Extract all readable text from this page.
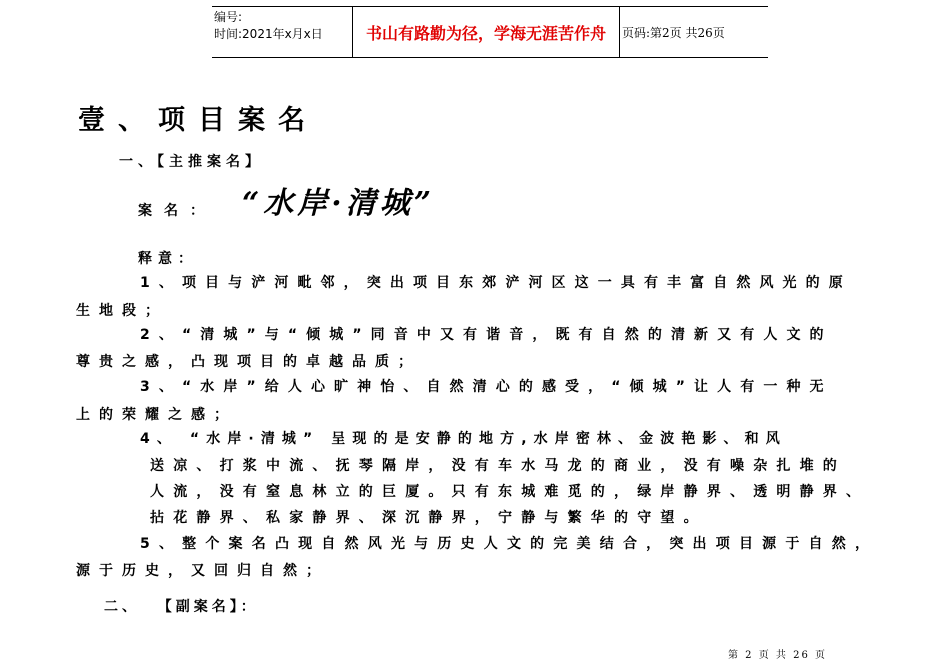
编号:
时间:2021年x月x日	书山有路勤为径，学海无涯苦作舟	页码:第2页 共26页
壹、项目案名
一、【主推案名】
案名： “水岸·清城”
释意：
1、项目与浐河毗邻，突出项目东郊浐河区这一具有丰富自然风光的原
生地段；
2、“清城”与“倾城”同音中又有谐音，既有自然的清新又有人文的
尊贵之感，凸现项目的卓越品质；
3、“水岸”给人心旷神怡、自然清心的感受，“倾城”让人有一种无
上的荣耀之感；
4、 “水岸·清城” 呈现的是安静的地方,水岸密林、金波艳影、和风
送凉、打浆中流、抚琴隔岸，没有车水马龙的商业，没有噪杂扎堆的
人流，没有窒息林立的巨厦。只有东城难觅的，绿岸静界、透明静界、
拈花静界、私家静界、深沉静界，宁静与繁华的守望。
5、整个案名凸现自然风光与历史人文的完美结合，突出项目源于自然，
源于历史，又回归自然；
二、  【副案名】：
第 2 页 共 26 页
